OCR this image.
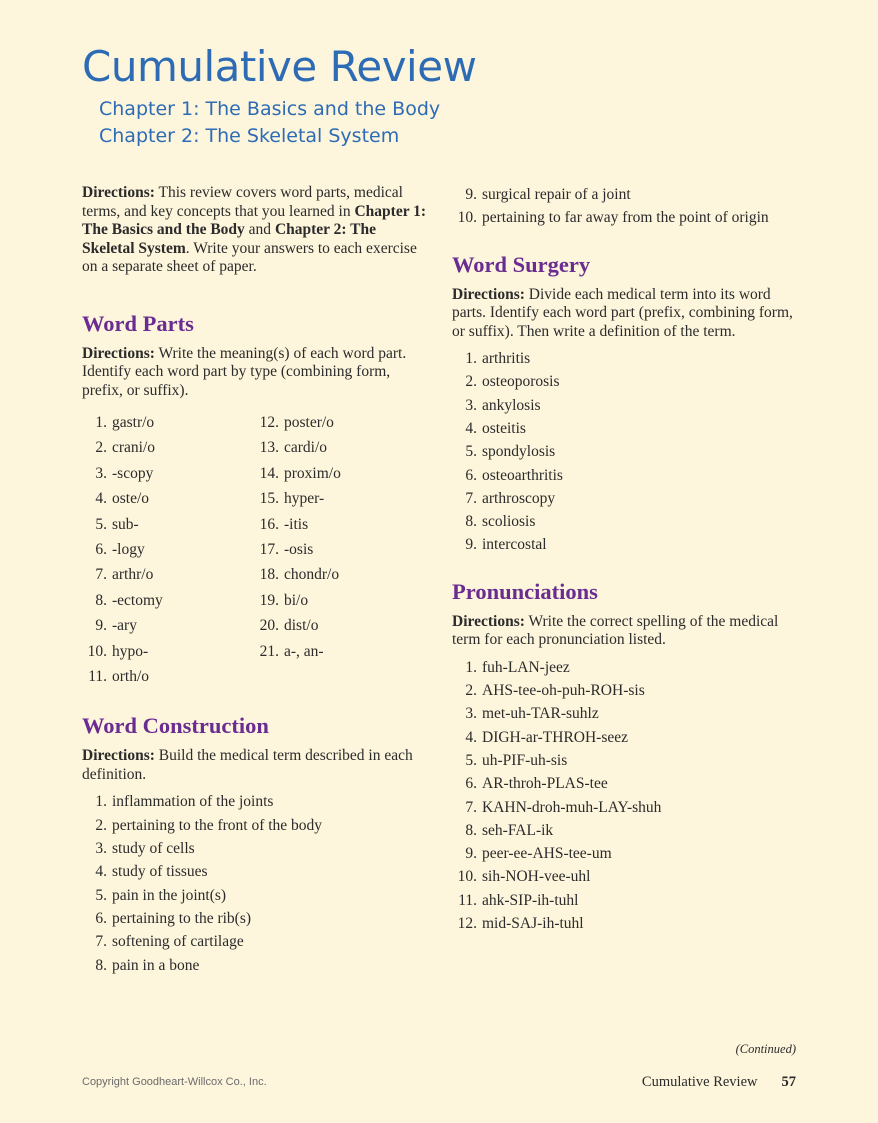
Cumulative Review
Chapter 1: The Basics and the Body
Chapter 2: The Skeletal System

Directions: This review covers word parts, medical terms, and key concepts that you learned in Chapter 1: The Basics and the Body and Chapter 2: The Skeletal System. Write your answers to each exercise on a separate sheet of paper.

Word Parts

Directions: Write the meaning(s) of each word part. Identify each word part by type (combining form, prefix, or suffix).

1. gastr/o
2. crani/o
3. -scopy
4. oste/o
5. sub-
6. -logy
7. arthr/o
8. -ectomy
9. -ary
10. hypo-
11. orth/o
12. poster/o
13. cardi/o
14. proxim/o
15. hyper-
16. -itis
17. -osis
18. chondr/o
19. bi/o
20. dist/o
21. a-, an-
Word Construction

Directions: Build the medical term described in each definition.

1. inflammation of the joints
2. pertaining to the front of the body
3. study of cells
4. study of tissues
5. pain in the joint(s)
6. pertaining to the rib(s)
7. softening of cartilage
8. pain in a bone
9. surgical repair of a joint
10. pertaining to far away from the point of origin
Word Surgery

Directions: Divide each medical term into its word parts. Identify each word part (prefix, combining form, or suffix). Then write a definition of the term.

1. arthritis
2. osteoporosis
3. ankylosis
4. osteitis
5. spondylosis
6. osteoarthritis
7. arthroscopy
8. scoliosis
9. intercostal
Pronunciations

Directions: Write the correct spelling of the medical term for each pronunciation listed.

1. fuh-LAN-jeez
2. AHS-tee-oh-puh-ROH-sis
3. met-uh-TAR-suhlz
4. DIGH-ar-THROH-seez
5. uh-PIF-uh-sis
6. AR-throh-PLAS-tee
7. KAHN-droh-muh-LAY-shuh
8. seh-FAL-ik
9. peer-ee-AHS-tee-um
10. sih-NOH-vee-uhl
11. ahk-SIP-ih-tuhl
12. mid-SAJ-ih-tuhl
(Continued)
Copyright Goodheart-Willcox Co., Inc.	Cumulative Review 57
